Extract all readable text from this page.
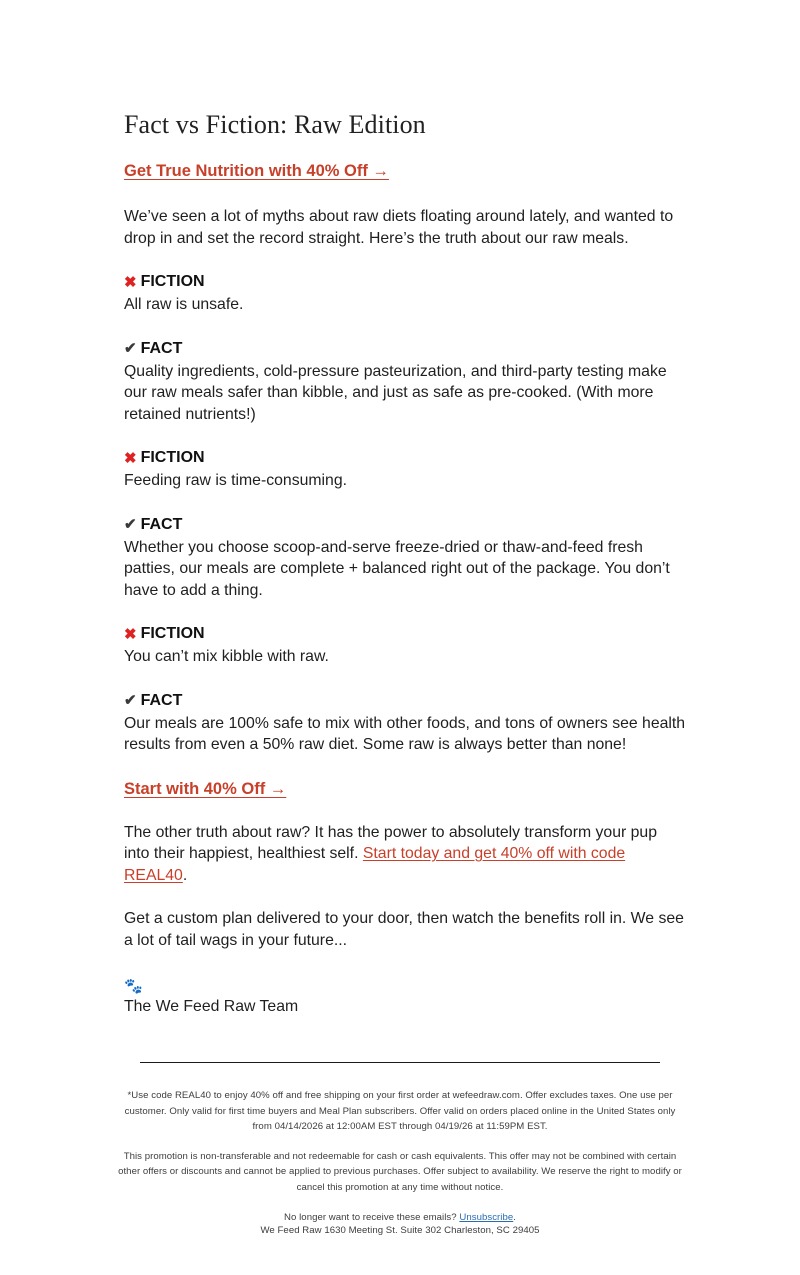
Fact vs Fiction: Raw Edition
Get True Nutrition with 40% Off →

We’ve seen a lot of myths about raw diets floating around lately, and wanted to drop in and set the record straight. Here’s the truth about our raw meals.

✖ FICTION

All raw is unsafe.

✔ FACT

Quality ingredients, cold-pressure pasteurization, and third-party testing make our raw meals safer than kibble, and just as safe as pre-cooked. (With more retained nutrients!)

✖ FICTION

Feeding raw is time-consuming.

✔ FACT

Whether you choose scoop-and-serve freeze-dried or thaw-and-feed fresh patties, our meals are complete + balanced right out of the package. You don’t have to add a thing.

✖ FICTION

You can’t mix kibble with raw.

✔ FACT

Our meals are 100% safe to mix with other foods, and tons of owners see health results from even a 50% raw diet. Some raw is always better than none!

Start with 40% Off →

The other truth about raw? It has the power to absolutely transform your pup into their happiest, healthiest self. Start today and get 40% off with code REAL40.

Get a custom plan delivered to your door, then watch the benefits roll in. We see a lot of tail wags in your future...

🐾

The We Feed Raw Team

*Use code REAL40 to enjoy 40% off and free shipping on your first order at wefeedraw.com. Offer excludes taxes. One use per customer. Only valid for first time buyers and Meal Plan subscribers. Offer valid on orders placed online in the United States only from 04/14/2026 at 12:00AM EST through 04/19/26 at 11:59PM EST.

This promotion is non-transferable and not redeemable for cash or cash equivalents. This offer may not be combined with certain other offers or discounts and cannot be applied to previous purchases. Offer subject to availability. We reserve the right to modify or cancel this promotion at any time without notice.

No longer want to receive these emails? Unsubscribe.

We Feed Raw 1630 Meeting St. Suite 302 Charleston, SC 29405
